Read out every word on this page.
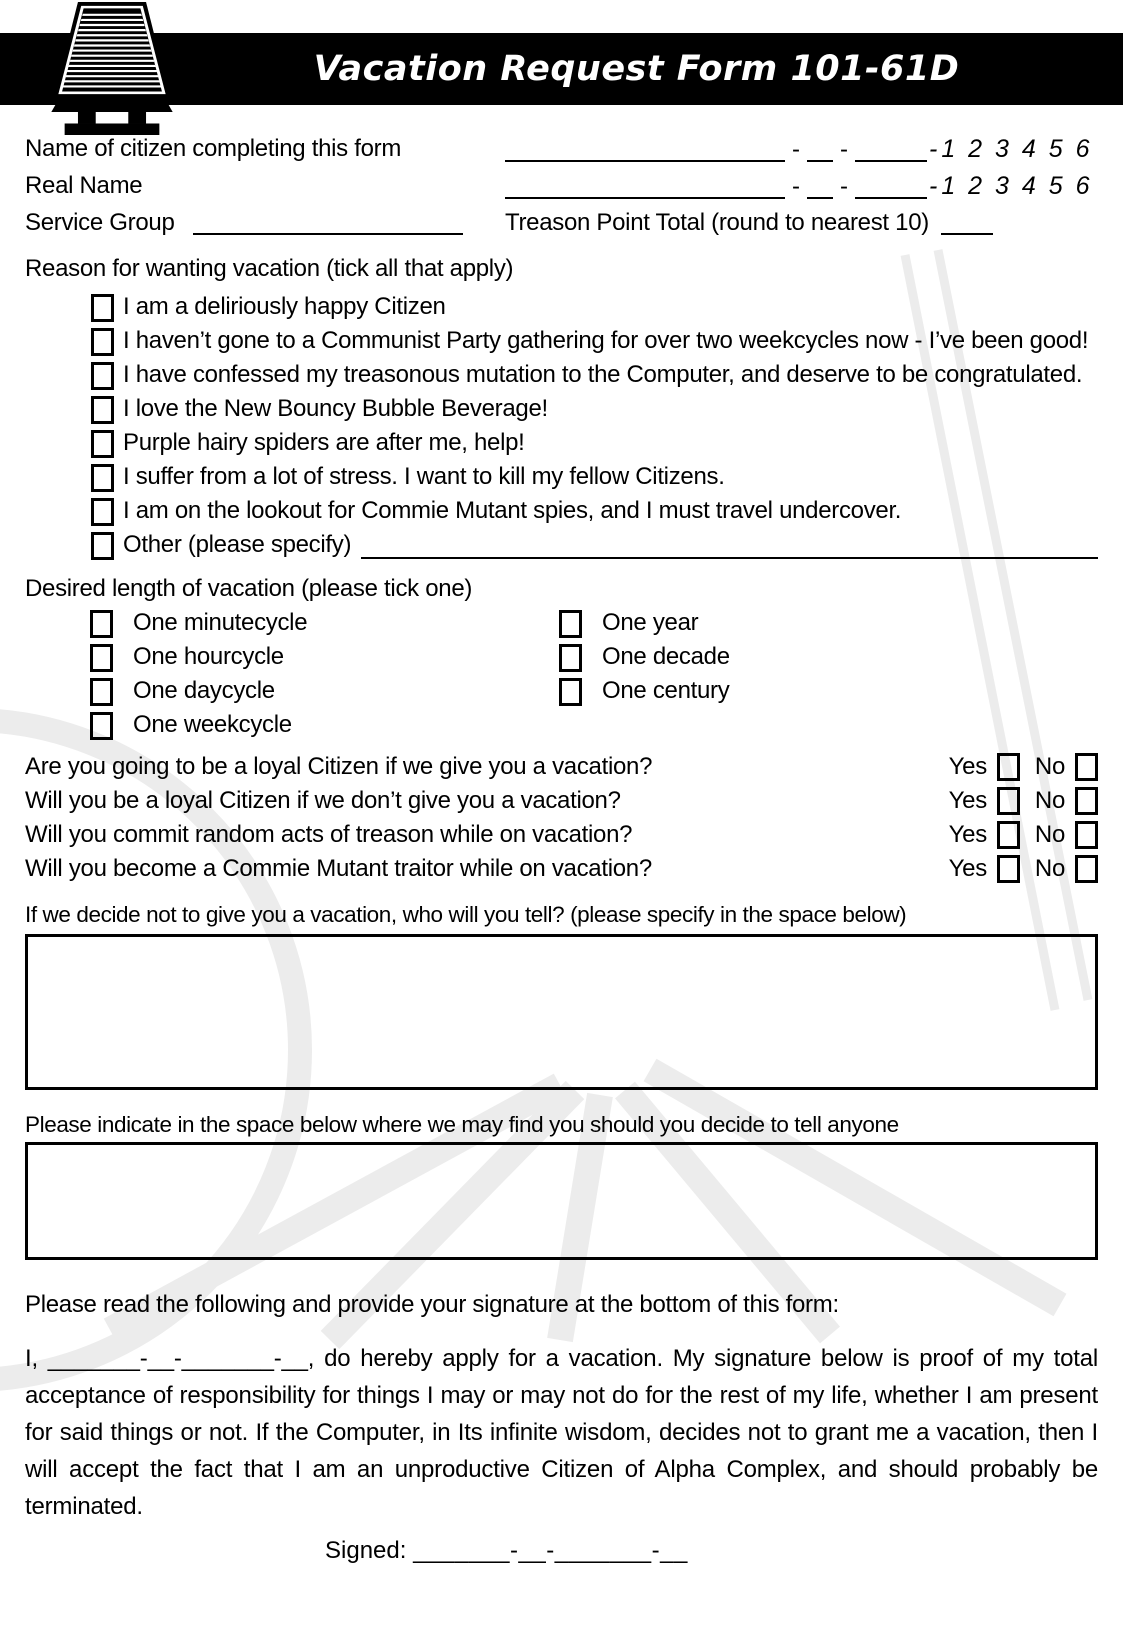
Vacation Request Form 101-61D
Name of citizen completing this form	- -	- 1 2 3 4 5 6
Real Name	- -	- 1 2 3 4 5 6
Service Group	Treason Point Total (round to nearest 10)
Reason for wanting vacation (tick all that apply)
I am a deliriously happy Citizen
I haven’t gone to a Communist Party gathering for over two weekcycles now - I’ve been good!
I have confessed my treasonous mutation to the Computer, and deserve to be congratulated.
I love the New Bouncy Bubble Beverage!
Purple hairy spiders are after me, help!
I suffer from a lot of stress. I want to kill my fellow Citizens.
I am on the lookout for Commie Mutant spies, and I must travel undercover.
Other (please specify)
Desired length of vacation (please tick one)
One minutecycle	One year
One hourcycle	One decade
One daycycle	One century
One weekcycle
Are you going to be a loyal Citizen if we give you a vacation?	Yes No
Will you be a loyal Citizen if we don’t give you a vacation?	Yes No
Will you commit random acts of treason while on vacation?	Yes No
Will you become a Commie Mutant traitor while on vacation?	Yes No
If we decide not to give you a vacation, who will you tell? (please specify in the space below)
Please indicate in the space below where we may find you should you decide to tell anyone
Please read the following and provide your signature at the bottom of this form:
I, _______-__-_______-__, do hereby apply for a vacation. My signature below is proof of my total acceptance of responsibility for things I may or may not do for the rest of my life, whether I am present for said things or not. If the Computer, in Its infinite wisdom, decides not to grant me a vacation, then I will accept the fact that I am an unproductive Citizen of Alpha Complex, and should probably be terminated.
Signed: _______-__-_______-__
